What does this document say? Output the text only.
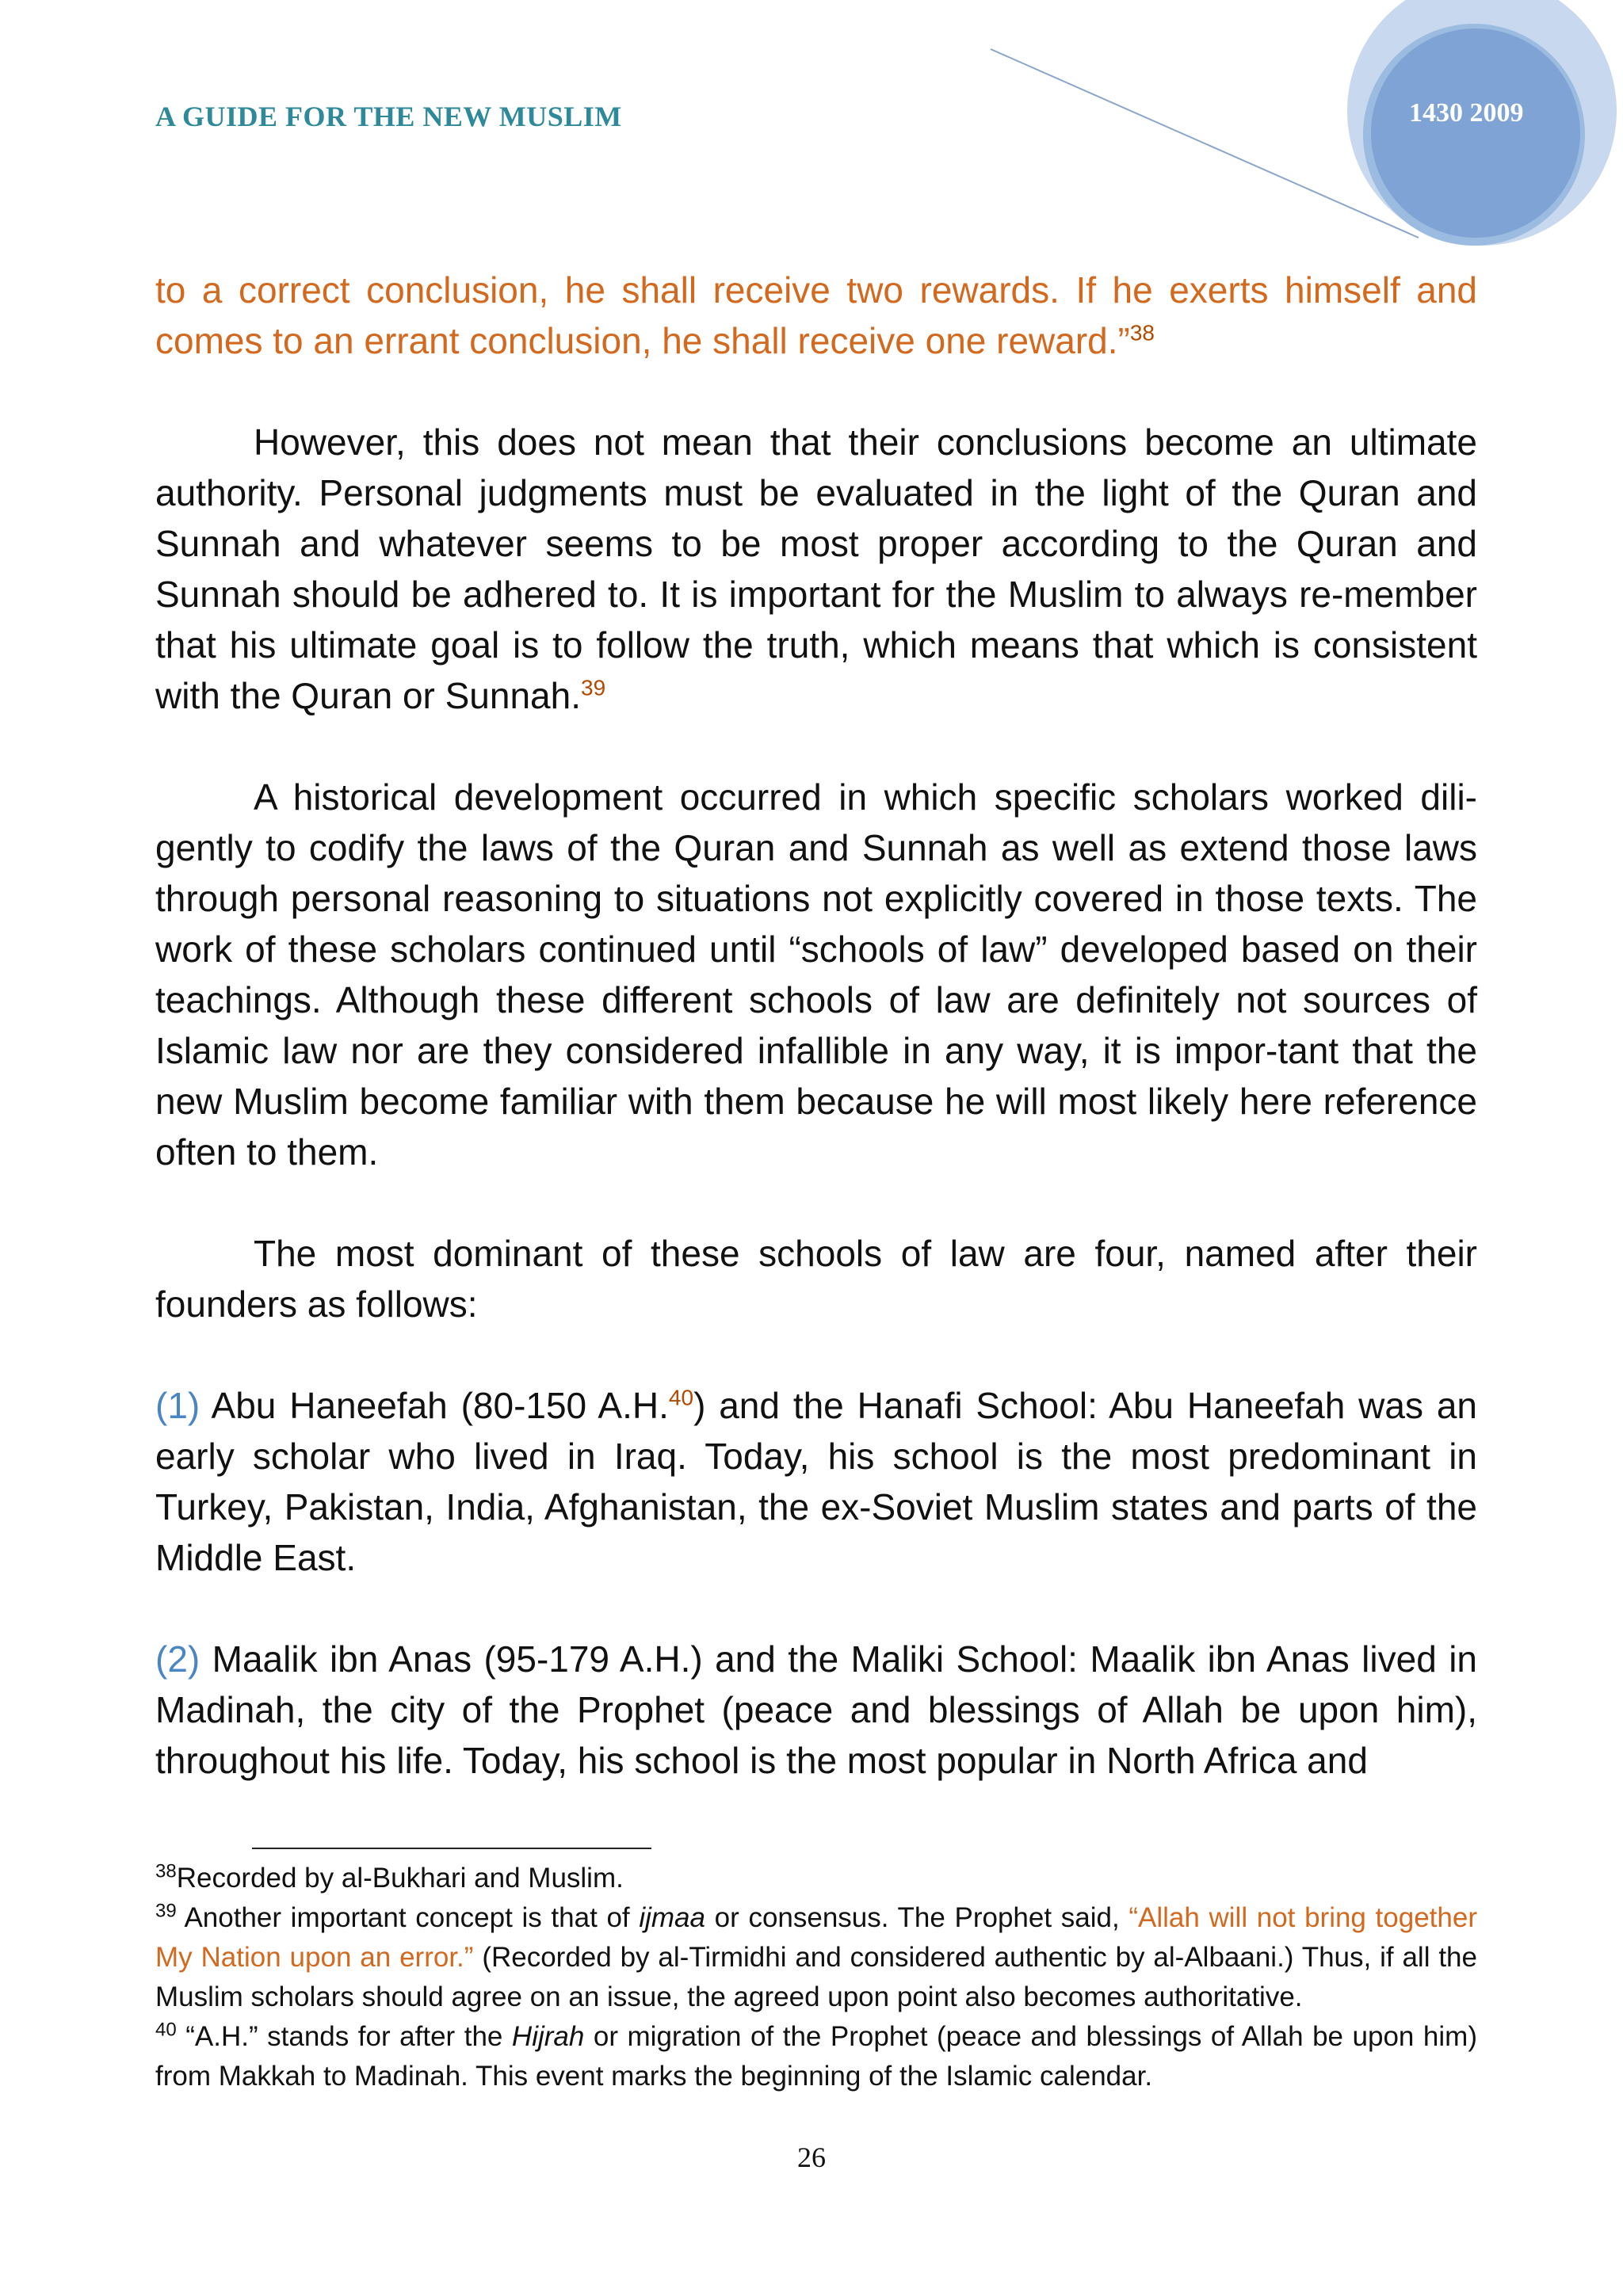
A GUIDE FOR THE NEW MUSLIM	1430 2009

to a correct conclusion, he shall receive two rewards. If he exerts himself and comes to an errant conclusion, he shall receive one reward.”$^{38}$

However, this does not mean that their conclusions become an ultimate authority. Personal judgments must be evaluated in the light of the Quran and Sunnah and whatever seems to be most proper according to the Quran and Sunnah should be adhered to. It is important for the Muslim to always re-member that his ultimate goal is to follow the truth, which means that which is consistent with the Quran or Sunnah.$^{39}$

A historical development occurred in which specific scholars worked dili-gently to codify the laws of the Quran and Sunnah as well as extend those laws through personal reasoning to situations not explicitly covered in those texts. The work of these scholars continued until “schools of law” developed based on their teachings. Although these different schools of law are definitely not sources of Islamic law nor are they considered infallible in any way, it is impor-tant that the new Muslim become familiar with them because he will most likely here reference often to them.

The most dominant of these schools of law are four, named after their founders as follows:

(1) Abu Haneefah (80-150 A.H.$^{40}$) and the Hanafi School: Abu Haneefah was an early scholar who lived in Iraq. Today, his school is the most predominant in Turkey, Pakistan, India, Afghanistan, the ex-Soviet Muslim states and parts of the Middle East.

(2) Maalik ibn Anas (95-179 A.H.) and the Maliki School: Maalik ibn Anas lived in Madinah, the city of the Prophet (peace and blessings of Allah be upon him), throughout his life. Today, his school is the most popular in North Africa and

$^{38}$Recorded by al-Bukhari and Muslim.

$^{39}$ Another important concept is that of ijmaa or consensus. The Prophet said, “Allah will not bring together My Nation upon an error.” (Recorded by al-Tirmidhi and considered authentic by al-Albaani.) Thus, if all the Muslim scholars should agree on an issue, the agreed upon point also becomes authoritative.

$^{40}$ “A.H.” stands for after the Hijrah or migration of the Prophet (peace and blessings of Allah be upon him) from Makkah to Madinah. This event marks the beginning of the Islamic calendar.

26
